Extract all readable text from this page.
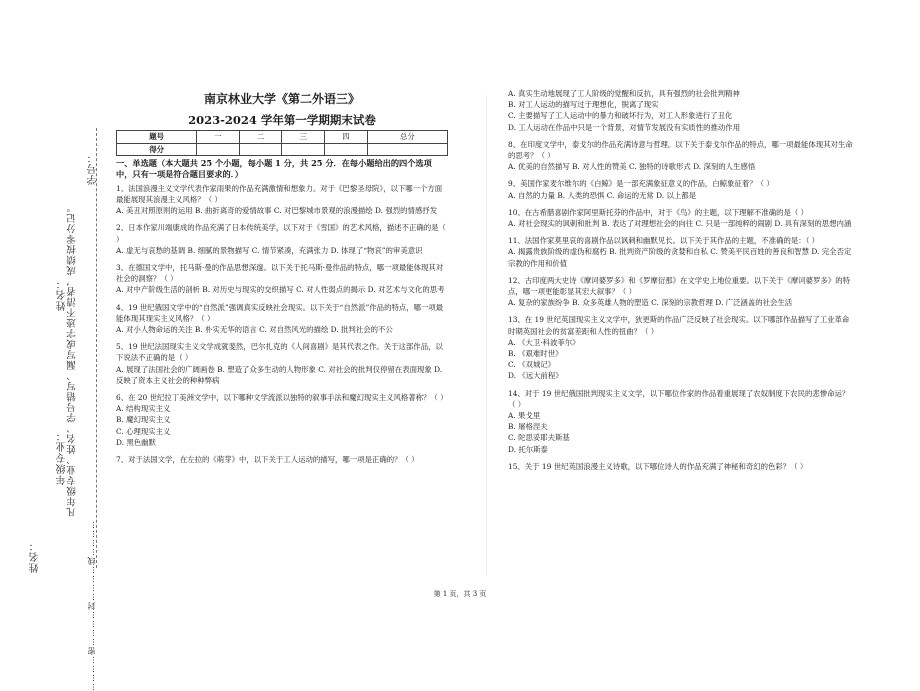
学号：
凡年级专业、姓名、学号错写、漏写或字迹不清者，成绩按零分记。
姓名：
年级专业：
…………密…………封…………线…………
姓名：
南京林业大学《第二外语三》
2023-2024 学年第一学期期末试卷
题号	一	二	三	四	总分
得分					
一、单选题（本大题共 25 个小题，每小题 1 分，共 25 分．在每小题给出的四个选项中，只有一项是符合题目要求的．）
1、法国浪漫主义文学代表作家雨果的作品充满激情和想象力。对于《巴黎圣母院》，以下哪一个方面最能展现其浪漫主义风格？（ ）
A. 美丑对照原则的运用 B. 曲折离奇的爱情故事 C. 对巴黎城市景观的浪漫描绘 D. 强烈的情感抒发
2、日本作家川端康成的作品充满了日本传统美学，以下对于《雪国》的艺术风格，描述不正确的是（ ）
A. 虚无与哀愁的基调 B. 细腻的景物描写 C. 情节紧凑，充满张力 D. 体现了“物哀”的审美意识
3、在德国文学中，托马斯·曼的作品思想深邃。以下关于托马斯·曼作品的特点，哪一项最能体现其对社会的洞察？（ ）
A. 对中产阶级生活的剖析 B. 对历史与现实的交织描写 C. 对人性弱点的揭示 D. 对艺术与文化的思考
4、19 世纪俄国文学中的“自然派”强调真实反映社会现实。以下关于“自然派”作品的特点，哪一项最能体现其现实主义风格？（ ）
A. 对小人物命运的关注 B. 朴实无华的语言 C. 对自然风光的描绘 D. 批判社会的不公
5、19 世纪法国现实主义文学成就斐然，巴尔扎克的《人间喜剧》是其代表之作。关于这部作品，以下说法不正确的是（ ）
A. 展现了法国社会的广阔画卷 B. 塑造了众多生动的人物形象 C. 对社会的批判仅停留在表面现象 D. 反映了资本主义社会的种种弊病
6、在 20 世纪拉丁美洲文学中，以下哪种文学流派以独特的叙事手法和魔幻现实主义风格著称？（ ）
A. 结构现实主义
B. 魔幻现实主义
C. 心理现实主义
D. 黑色幽默
7、对于法国文学，在左拉的《萌芽》中，以下关于工人运动的描写，哪一项是正确的？（ ）
A. 真实生动地展现了工人阶级的觉醒和反抗，具有强烈的社会批判精神
B. 对工人运动的描写过于理想化，脱离了现实
C. 主要描写了工人运动中的暴力和破坏行为，对工人形象进行了丑化
D. 工人运动在作品中只是一个背景，对情节发展没有实质性的推动作用
8、在印度文学中，泰戈尔的作品充满诗意与哲理。以下关于泰戈尔作品的特点，哪一项最能体现其对生命的思考？（ ）
A. 优美的自然描写 B. 对人性的赞美 C. 独特的诗歌形式 D. 深刻的人生感悟
9、美国作家麦尔维尔的《白鲸》是一部充满象征意义的作品，白鲸象征着？（ ）
A. 自然的力量 B. 人类的恐惧 C. 命运的无常 D. 以上都是
10、在古希腊喜剧作家阿里斯托芬的作品中，对于《鸟》的主题，以下理解不准确的是（ ）
A. 对社会现实的讽刺和批判 B. 表达了对理想社会的向往 C. 只是一部纯粹的闹剧 D. 具有深刻的思想内涵
11、法国作家莫里哀的喜剧作品以讽刺和幽默见长。以下关于其作品的主题，不准确的是：（ ）
A. 揭露贵族阶级的虚伪和腐朽 B. 批判资产阶级的贪婪和自私 C. 赞美平民百姓的善良和智慧 D. 完全否定宗教的作用和价值
12、古印度两大史诗《摩诃婆罗多》和《罗摩衍那》在文学史上地位重要。以下关于《摩诃婆罗多》的特点，哪一项更能彰显其宏大叙事？（ ）
A. 复杂的家族纷争 B. 众多英雄人物的塑造 C. 深刻的宗教哲理 D. 广泛涵盖的社会生活
13、在 19 世纪英国现实主义文学中，狄更斯的作品广泛反映了社会现实。以下哪部作品描写了工业革命时期英国社会的贫富差距和人性的扭曲？（ ）
A. 《大卫·科波菲尔》
B. 《艰难时世》
C. 《双城记》
D. 《远大前程》
14、对于 19 世纪俄国批判现实主义文学，以下哪位作家的作品着重展现了农奴制度下农民的悲惨命运？（ ）
A. 果戈里
B. 屠格涅夫
C. 陀思妥耶夫斯基
D. 托尔斯泰
15、关于 19 世纪英国浪漫主义诗歌，以下哪位诗人的作品充满了神秘和奇幻的色彩？（ ）
第 1 页，共 3 页
